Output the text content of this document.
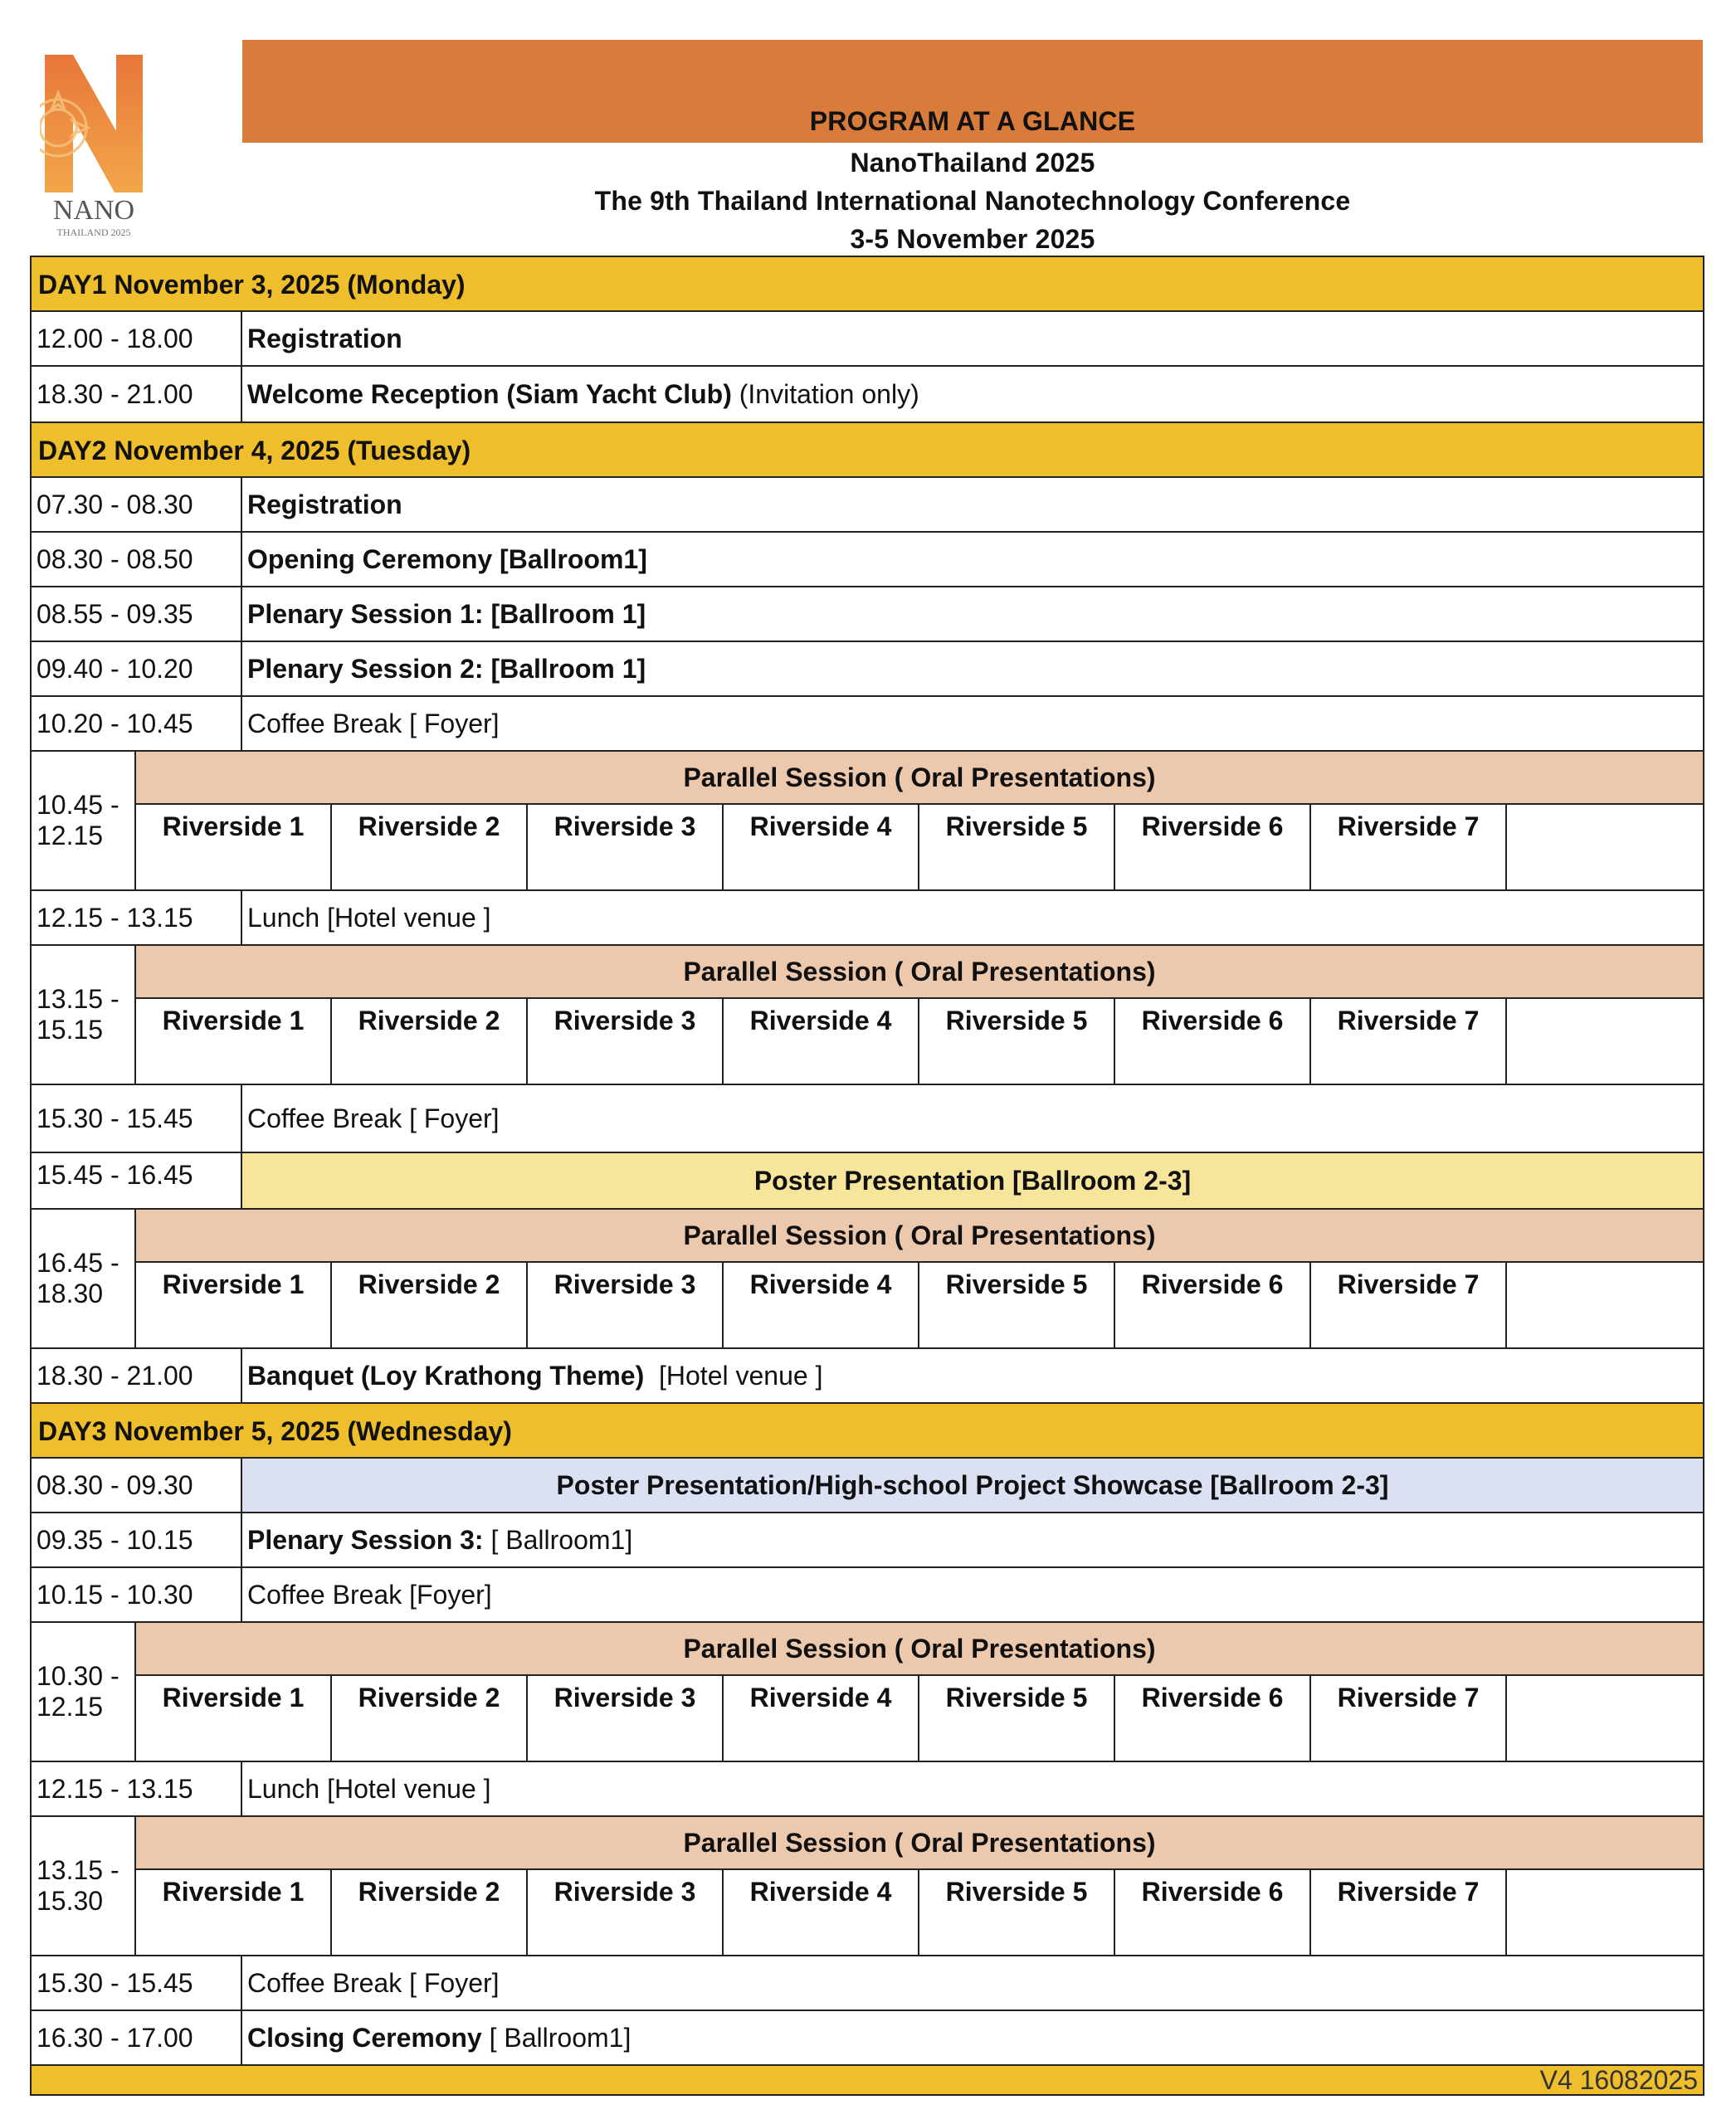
NANO
THAILAND 2025
PROGRAM AT A GLANCE
NanoThailand 2025
The 9th Thailand International Nanotechnology Conference
3-5 November 2025
DAY1 November 3, 2025 (Monday)
12.00 - 18.00	Registration
18.30 - 21.00	Welcome Reception (Siam Yacht Club) (Invitation only)
DAY2 November 4, 2025 (Tuesday)
07.30 - 08.30	Registration
08.30 - 08.50	Opening Ceremony [Ballroom1]
08.55 - 09.35	Plenary Session 1: [Ballroom 1]
09.40 - 10.20	Plenary Session 2: [Ballroom 1]
10.20 - 10.45	Coffee Break [ Foyer]
10.45 - 12.15
Parallel Session ( Oral Presentations)
Riverside 1	Riverside 2	Riverside 3	Riverside 4	Riverside 5	Riverside 6	Riverside 7
12.15 - 13.15	Lunch [Hotel venue ]
13.15 - 15.15
Parallel Session ( Oral Presentations)
Riverside 1	Riverside 2	Riverside 3	Riverside 4	Riverside 5	Riverside 6	Riverside 7
15.30 - 15.45	Coffee Break [ Foyer]
15.45 - 16.45	Poster Presentation [Ballroom 2-3]
16.45 - 18.30
Parallel Session ( Oral Presentations)
Riverside 1	Riverside 2	Riverside 3	Riverside 4	Riverside 5	Riverside 6	Riverside 7
18.30 - 21.00	Banquet (Loy Krathong Theme) [Hotel venue ]
DAY3 November 5, 2025 (Wednesday)
08.30 - 09.30	Poster Presentation/High-school Project Showcase [Ballroom 2-3]
09.35 - 10.15	Plenary Session 3: [ Ballroom1]
10.15 - 10.30	Coffee Break [Foyer]
10.30 - 12.15
Parallel Session ( Oral Presentations)
Riverside 1	Riverside 2	Riverside 3	Riverside 4	Riverside 5	Riverside 6	Riverside 7
12.15 - 13.15	Lunch [Hotel venue ]
13.15 - 15.30
Parallel Session ( Oral Presentations)
Riverside 1	Riverside 2	Riverside 3	Riverside 4	Riverside 5	Riverside 6	Riverside 7
15.30 - 15.45	Coffee Break [ Foyer]
16.30 - 17.00	Closing Ceremony [ Ballroom1]
V4 16082025
